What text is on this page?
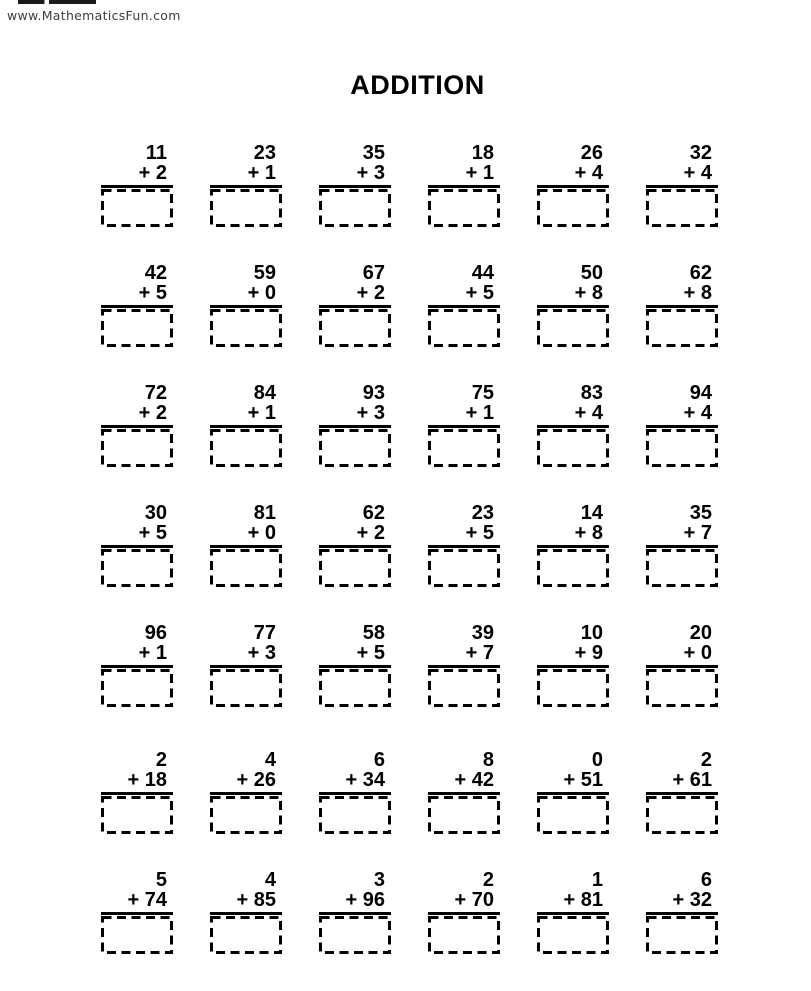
www.MathematicsFun.com
ADDITION
11
+ 2
23
+ 1
35
+ 3
18
+ 1
26
+ 4
32
+ 4
42
+ 5
59
+ 0
67
+ 2
44
+ 5
50
+ 8
62
+ 8
72
+ 2
84
+ 1
93
+ 3
75
+ 1
83
+ 4
94
+ 4
30
+ 5
81
+ 0
62
+ 2
23
+ 5
14
+ 8
35
+ 7
96
+ 1
77
+ 3
58
+ 5
39
+ 7
10
+ 9
20
+ 0
2
+ 18
4
+ 26
6
+ 34
8
+ 42
0
+ 51
2
+ 61
5
+ 74
4
+ 85
3
+ 96
2
+ 70
1
+ 81
6
+ 32
